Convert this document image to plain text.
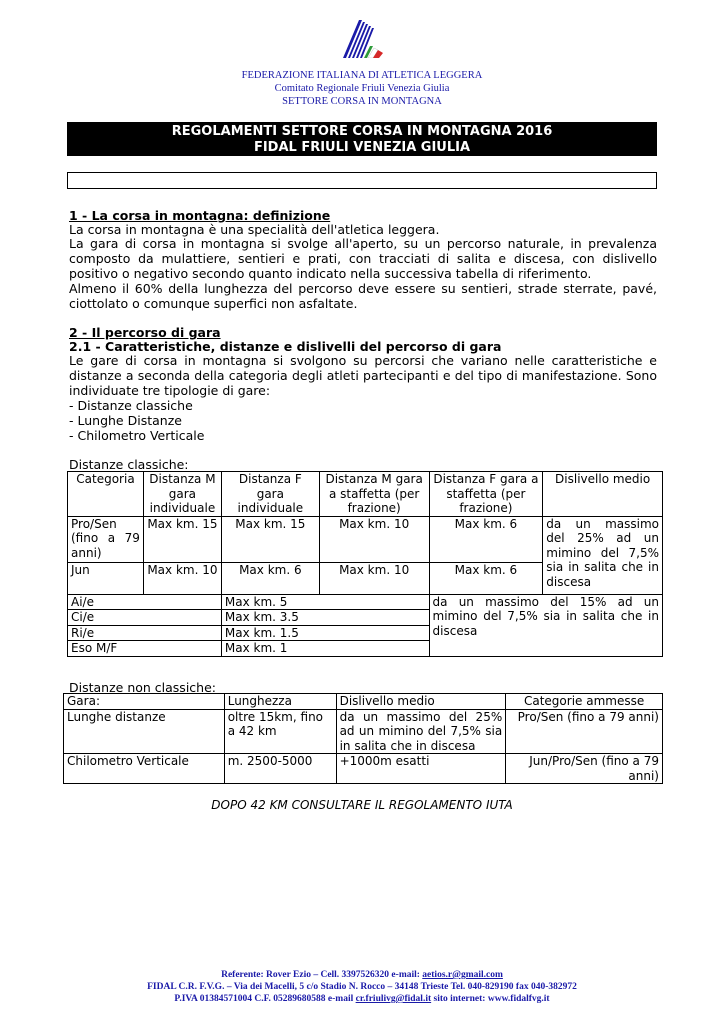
FEDERAZIONE ITALIANA DI ATLETICA LEGGERA
Comitato Regionale Friuli Venezia Giulia
SETTORE CORSA IN MONTAGNA
REGOLAMENTI SETTORE CORSA IN MONTAGNA 2016
FIDAL FRIULI VENEZIA GIULIA
1 - La corsa in montagna: definizione
La corsa in montagna è una specialità dell'atletica leggera.
La gara di corsa in montagna si svolge all'aperto, su un percorso naturale, in prevalenza composto da mulattiere, sentieri e prati, con tracciati di salita e discesa, con dislivello positivo o negativo secondo quanto indicato nella successiva tabella di riferimento.
Almeno il 60% della lunghezza del percorso deve essere su sentieri, strade sterrate, pavé, ciottolato o comunque superfici non asfaltate.
2 - Il percorso di gara
2.1 - Caratteristiche, distanze e dislivelli del percorso di gara
Le gare di corsa in montagna si svolgono su percorsi che variano nelle caratteristiche e distanze a seconda della categoria degli atleti partecipanti e del tipo di manifestazione. Sono individuate tre tipologie di gare:
- Distanze classiche
- Lunghe Distanze
- Chilometro Verticale
Distanze classiche:
Categoria	Distanza M gara individuale	Distanza F gara individuale	Distanza M gara a staffetta (per frazione)	Distanza F gara a staffetta (per frazione)	Dislivello medio
Pro/Sen (fino a 79 anni)	Max km. 15	Max km. 15	Max km. 10	Max km. 6	da un massimo del 25% ad un mimino del 7,5% sia in salita che in discesa
Jun	Max km. 10	Max km. 6	Max km. 10	Max km. 6	
Ai/e		Max km. 5		da un massimo del 15% ad un mimino del 7,5% sia in salita che in discesa	
Ci/e		Max km. 3.5			
Ri/e		Max km. 1.5			
Eso M/F		Max km. 1			
Distanze non classiche:
Gara:	Lunghezza	Dislivello medio	Categorie ammesse
Lunghe distanze	oltre 15km, fino a 42 km	da un massimo del 25% ad un mimino del 7,5% sia in salita che in discesa	Pro/Sen (fino a 79 anni)
Chilometro Verticale	m. 2500-5000	+1000m esatti	Jun/Pro/Sen (fino a 79 anni)
DOPO 42 KM CONSULTARE IL REGOLAMENTO IUTA
Referente: Rover Ezio – Cell. 3397526320 e-mail: aetios.r@gmail.com
FIDAL C.R. F.V.G. – Via dei Macelli, 5 c/o Stadio N. Rocco – 34148 Trieste Tel. 040-829190 fax 040-382972
P.IVA 01384571004 C.F. 05289680588 e-mail cr.friulivg@fidal.it sito internet: www.fidalfvg.it
